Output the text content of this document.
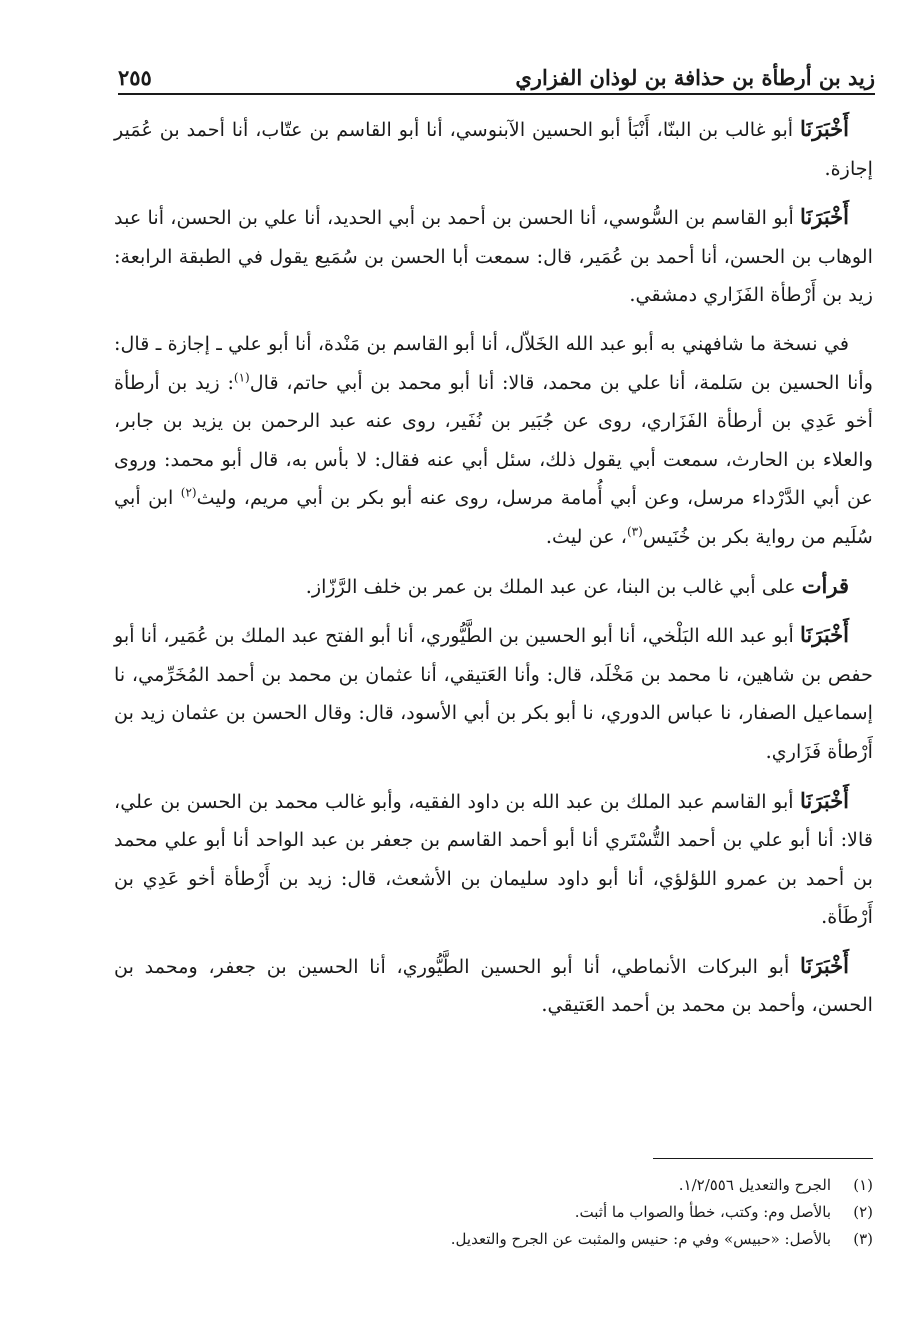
زيد بن أرطأة بن حذافة بن لوذان الفزاري
٢٥٥

أَخْبَرَنَا أبو غالب بن البنّا، أَنْبَأ أبو الحسين الآبنوسي، أنا أبو القاسم بن عتّاب، أنا أحمد بن عُمَير إجازة.

أَخْبَرَنَا أبو القاسم بن السُّوسي، أنا الحسن بن أحمد بن أبي الحديد، أنا علي بن الحسن، أنا عبد الوهاب بن الحسن، أنا أحمد بن عُمَير، قال: سمعت أبا الحسن بن سُمَيع يقول في الطبقة الرابعة: زيد بن أَرْطأة الفَزَاري دمشقي.

في نسخة ما شافهني به أبو عبد الله الخَلاّل، أنا أبو القاسم بن مَنْدة، أنا أبو علي ـ إجازة ـ قال: وأنا الحسين بن سَلمة، أنا علي بن محمد، قالا: أنا أبو محمد بن أبي حاتم، قال$^{(١)}$: زيد بن أرطأة أخو عَدِي بن أرطأة الفَزَاري، روى عن جُبَير بن نُفَير، روى عنه عبد الرحمن بن يزيد بن جابر، والعلاء بن الحارث، سمعت أبي يقول ذلك، سئل أبي عنه فقال: لا بأس به، قال أبو محمد: وروى عن أبي الدَّرْداء مرسل، وعن أبي أُمامة مرسل، روى عنه أبو بكر بن أبي مريم، وليث$^{(٢)}$ ابن أبي سُلَيم من رواية بكر بن خُنَيس$^{(٣)}$، عن ليث.

قرأت على أبي غالب بن البنا، عن عبد الملك بن عمر بن خلف الرَّزّاز.

أَخْبَرَنَا أبو عبد الله البَلْخي، أنا أبو الحسين بن الطَّيُّوري، أنا أبو الفتح عبد الملك بن عُمَير، أنا أبو حفص بن شاهين، نا محمد بن مَخْلَد، قال: وأنا العَتيقي، أنا عثمان بن محمد بن أحمد المُخَرِّمي، نا إسماعيل الصفار، نا عباس الدوري، نا أبو بكر بن أبي الأسود، قال: وقال الحسن بن عثمان زيد بن أَرْطأة فَزَاري.

أَخْبَرَنَا أبو القاسم عبد الملك بن عبد الله بن داود الفقيه، وأبو غالب محمد بن الحسن بن علي، قالا: أنا أبو علي بن أحمد التُّسْتَري أنا أبو أحمد القاسم بن جعفر بن عبد الواحد أنا أبو علي محمد بن أحمد بن عمرو اللؤلؤي، أنا أبو داود سليمان بن الأشعث، قال: زيد بن أَرْطأة أخو عَدِي بن أَرْطَأة.

أَخْبَرَنَا أبو البركات الأنماطي، أنا أبو الحسين الطَّيُّوري، أنا الحسين بن جعفر، ومحمد بن الحسن، وأحمد بن محمد بن أحمد العَتيقي.

(١)
الجرح والتعديل ١/٢/٥٥٦.
(٢)
بالأصل وم: وكتب، خطأ والصواب ما أثبت.
(٣)
بالأصل: «حبيس» وفي م: حنيس والمثبت عن الجرح والتعديل.
